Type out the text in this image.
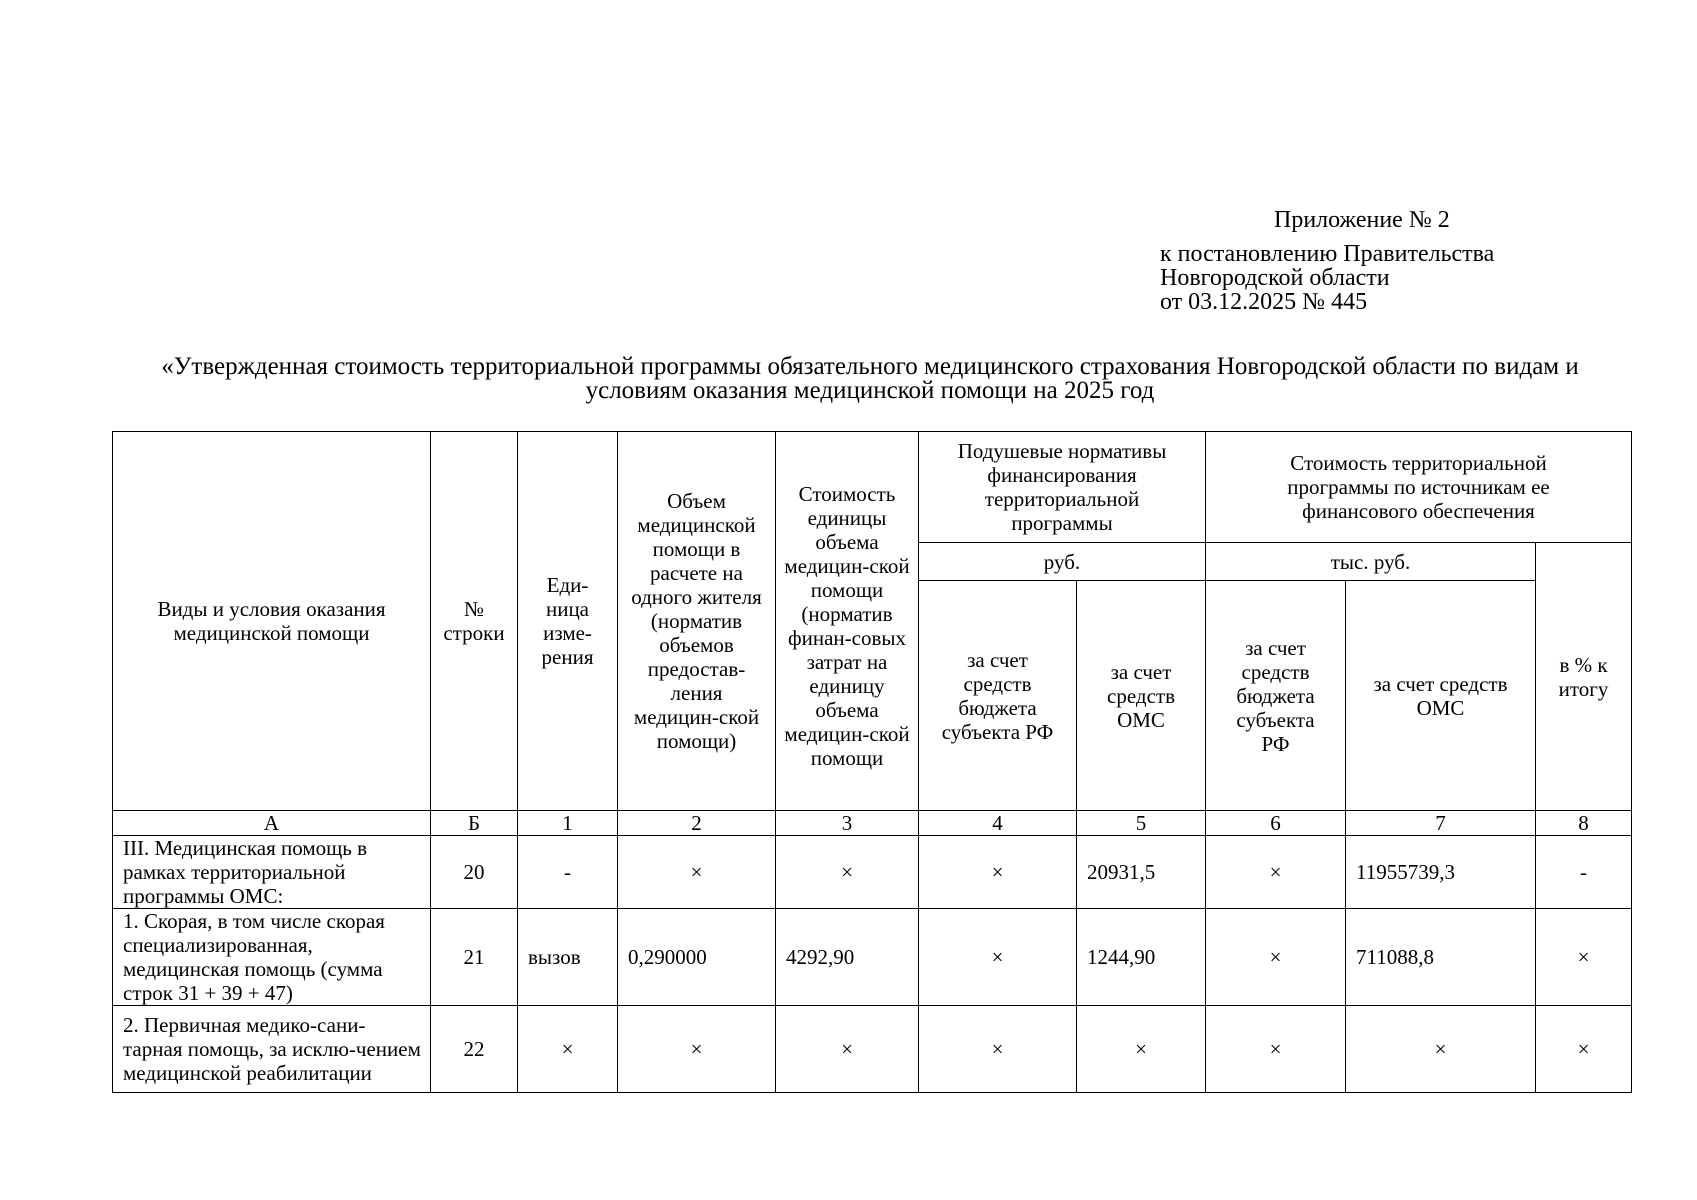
Приложение № 2
к постановлению Правительства
Новгородской области
от 03.12.2025 № 445
«Утвержденная стоимость территориальной программы обязательного медицинского страхования Новгородской области по видам и условиям оказания медицинской помощи на 2025 год
Виды и условия оказания медицинской помощи	№ строки	Еди-ница изме-рения	Объем медицинской помощи в расчете на одного жителя (норматив объемов предостав-ления медицин-ской помощи)	Стоимость единицы объема медицин-ской помощи (норматив финан-совых затрат на единицу объема медицин-ской помощи	Подушевые нормативы финансирования территориальной программы		Стоимость территориальной программы по источникам ее финансового обеспечения		
					руб.		тыс. руб.		в % к итогу
					за счет средств бюджета субъекта РФ	за счет средств ОМС	за счет средств бюджета субъекта РФ	за счет средств ОМС	
А	Б	1	2	3	4	5	6	7	8
III. Медицинская помощь в рамках территориальной программы ОМС:	20	-	×	×	×	20931,5	×	11955739,3	-
1. Скорая, в том числе скорая специализированная, медицинская помощь (сумма строк 31 + 39 + 47)	21	вызов	0,290000	4292,90	×	1244,90	×	711088,8	×
2. Первичная медико-сани-тарная помощь, за исклю-чением медицинской реабилитации	22	×	×	×	×	×	×	×	×
